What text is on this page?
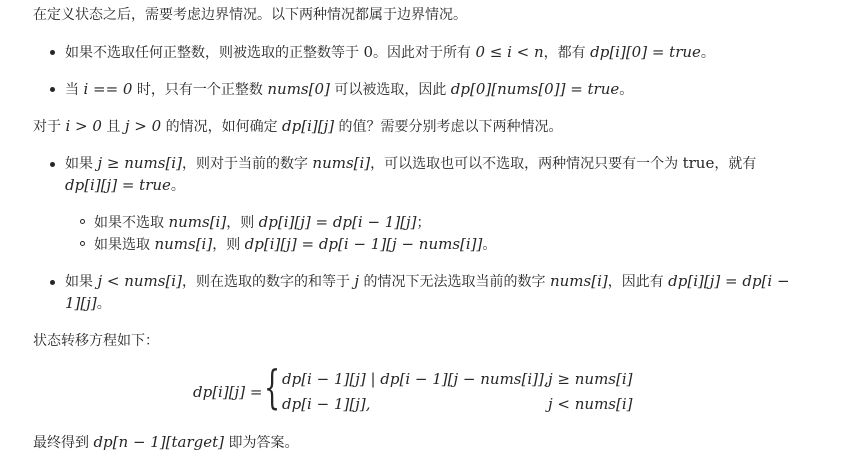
在定义状态之后，需要考虑边界情况。以下两种情况都属于边界情况。
如果不选取任何正整数，则被选取的正整数等于 0。因此对于所有 0 ≤ i < n，都有 dp[i][0] = true。
当 i == 0 时，只有一个正整数 nums[0] 可以被选取，因此 dp[0][nums[0]] = true。
对于 i > 0 且 j > 0 的情况，如何确定 dp[i][j] 的值？需要分别考虑以下两种情况。
如果 j ≥ nums[i]，则对于当前的数字 nums[i]，可以选取也可以不选取，两种情况只要有一个为 true，就有
dp[i][j] = true。
如果不选取 nums[i]，则 dp[i][j] = dp[i − 1][j]；
如果选取 nums[i]，则 dp[i][j] = dp[i − 1][j − nums[i]]。
如果 j < nums[i]，则在选取的数字的和等于 j 的情况下无法选取当前的数字 nums[i]，因此有 dp[i][j] = dp[i −
1][j]。
状态转移方程如下：
dp[i][j] = { dp[i − 1][j] | dp[i − 1][j − nums[i]], j ≥ nums[i]
dp[i − 1][j],	j < nums[i]
最终得到 dp[n − 1][target] 即为答案。
